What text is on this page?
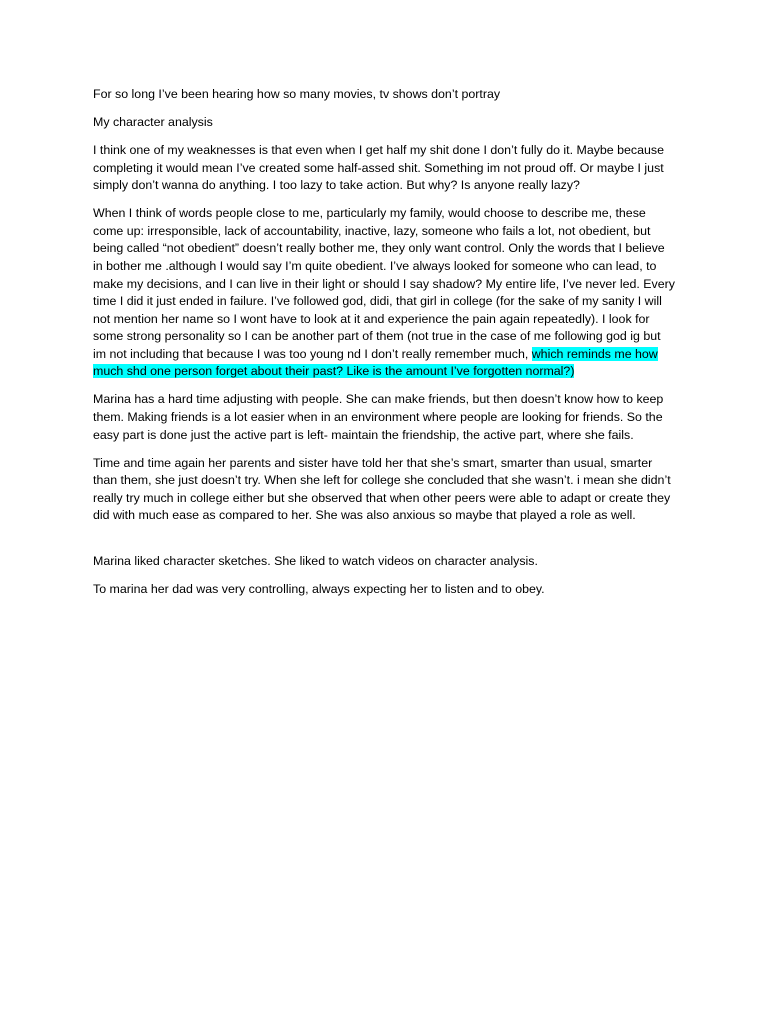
For so long I’ve been hearing how so many movies, tv shows don’t portray

My character analysis

I think one of my weaknesses is that even when I get half my shit done I don’t fully do it. Maybe because completing it would mean I’ve created some half-assed shit. Something im not proud off. Or maybe I just simply don’t wanna do anything. I too lazy to take action. But why? Is anyone really lazy?

When I think of words people close to me, particularly my family, would choose to describe me, these come up: irresponsible, lack of accountability, inactive, lazy, someone who fails a lot, not obedient, but being called “not obedient” doesn’t really bother me, they only want control. Only the words that I believe in bother me .although I would say I’m quite obedient. I’ve always looked for someone who can lead, to make my decisions, and I can live in their light or should I say shadow? My entire life, I’ve never led. Every time I did it just ended in failure. I’ve followed god, didi, that girl in college (for the sake of my sanity I will not mention her name so I wont have to look at it and experience the pain again repeatedly). I look for some strong personality so I can be another part of them (not true in the case of me following god ig but im not including that because I was too young nd I don’t really remember much, which reminds me how much shd one person forget about their past? Like is the amount I’ve forgotten normal?)

Marina has a hard time adjusting with people. She can make friends, but then doesn’t know how to keep them. Making friends is a lot easier when in an environment where people are looking for friends. So the easy part is done just the active part is left- maintain the friendship, the active part, where she fails.

Time and time again her parents and sister have told her that she’s smart, smarter than usual, smarter than them, she just doesn’t try. When she left for college she concluded that she wasn’t. i mean she didn’t really try much in college either but she observed that when other peers were able to adapt or create they did with much ease as compared to her. She was also anxious so maybe that played a role as well.

Marina liked character sketches. She liked to watch videos on character analysis.

To marina her dad was very controlling, always expecting her to listen and to obey.
